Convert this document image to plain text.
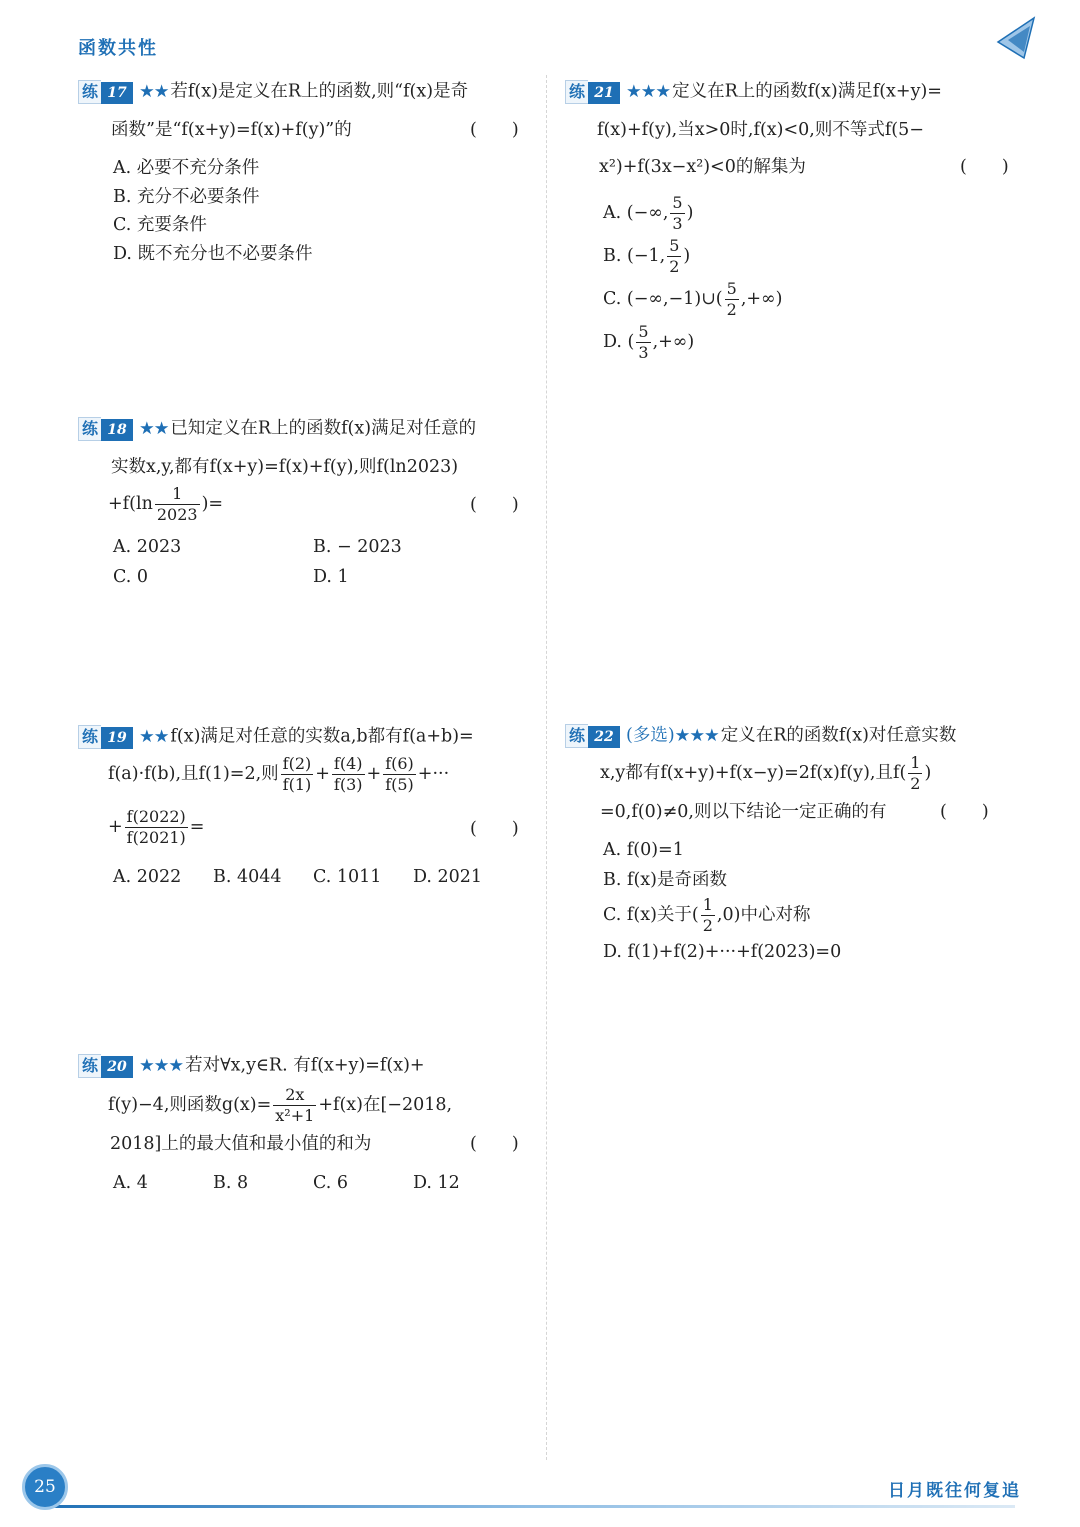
函数共性
练 17 ★★ 若f(x)是定义在R上的函数,则“f(x)是奇
函数”是“f(x+y)=f(x)+f(y)”的	(　　)
A. 必要不充分条件
B. 充分不必要条件
C. 充要条件
D. 既不充分也不必要条件
练 18 ★★ 已知定义在R上的函数f(x)满足对任意的
实数x,y,都有f(x+y)=f(x)+f(y),则f(ln2023)
$+f(\ln \frac{1}{2023}$ )=	(　　)
A. 2023	B. − 2023
C. 0	D. 1
练 19 ★★ f(x)满足对任意的实数a,b都有f(a+b)=
f(a)·f(b),且f(1)=2,则 $\frac{f(2)}{f(1)} + \frac{f(4)}{f(3)} + \frac{f(6)}{f(5)}$ +···
+ $\frac{f(2022)}{f(2021)}$ =	(　　)
A. 2022 B. 4044 C. 1011 D. 2021
练 20 ★★★ 若对∀x,y∈R. 有f(x+y)=f(x)+
f(y)−4,则函数$g(x)= \frac{2x}{\text{x²+1}} +f(x)$在[−2018,
2018]上的最大值和最小值的和为	(　　)
A. 4	B. 8	C. 6	D. 12
练 21 ★★★ 定义在R上的函数f(x)满足f(x+y)=
f(x)+f(y),当x>0时,f(x)<0,则不等式f(5−
x²)+f(3x−x²)<0的解集为	(　　)
A. (−∞, $\frac{5}{3}$ )
B. (−1, $\frac{5}{2}$ )
C. (−∞,−1)∪( $\frac{5}{2}$ ,+∞)
D. ( $\frac{5}{3}$ ,+∞)
练 22 (多选)★★★ 定义在R的函数f(x)对任意实数
x,y都有f(x+y)+f(x−y)=2f(x)f(y),且$f( \frac{1}{2}$ )
=0,f(0)≠0,则以下结论一定正确的有	(　　)
A. f(0)=1
B. f(x)是奇函数
C. f(x)关于( $\frac{1}{2} ,0$)中心对称
D. f(1)+f(2)+···+f(2023)=0
25	日月既往何复追
